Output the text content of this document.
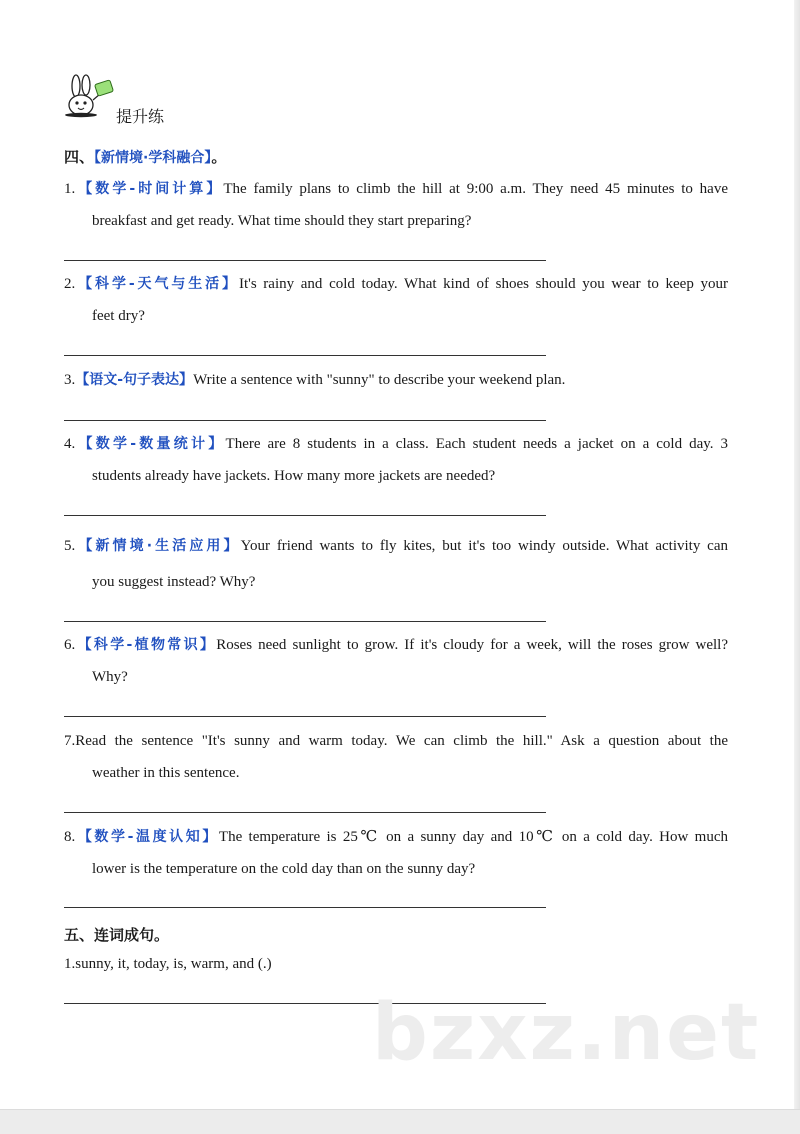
提升练
四、【新情境·学科融合】。
1.【数学-时间计算】The family plans to climb the hill at 9:00 a.m. They need 45 minutes to have
breakfast and get ready. What time should they start preparing?
2.【科学-天气与生活】It's rainy and cold today. What kind of shoes should you wear to keep your
feet dry?
3.【语文-句子表达】Write a sentence with "sunny" to describe your weekend plan.
4.【数学-数量统计】There are 8 students in a class. Each student needs a jacket on a cold day. 3
students already have jackets. How many more jackets are needed?
5.【新情境·生活应用】Your friend wants to fly kites, but it's too windy outside. What activity can
you suggest instead? Why?
6.【科学-植物常识】Roses need sunlight to grow. If it's cloudy for a week, will the roses grow well?
Why?
7.Read the sentence "It's sunny and warm today. We can climb the hill." Ask a question about the
weather in this sentence.
8.【数学-温度认知】The temperature is 25℃ on a sunny day and 10℃ on a cold day. How much
lower is the temperature on the cold day than on the sunny day?
五、连词成句。
1.sunny, it, today, is, warm, and (.)
bzxz.net
